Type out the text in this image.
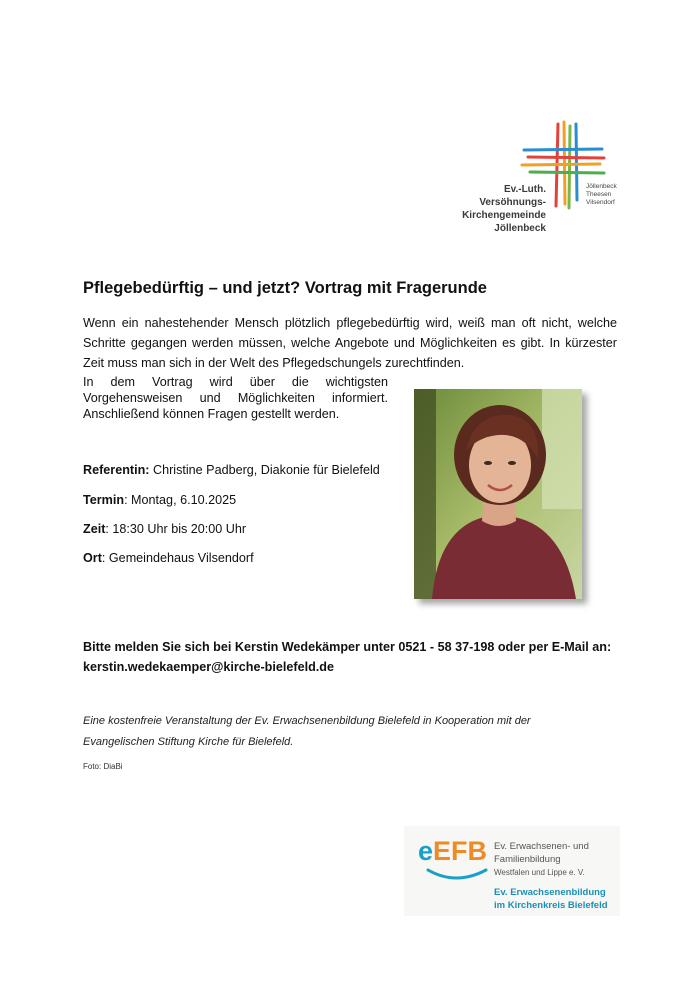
Ev.-Luth.
Versöhnungs-Kirchengemeinde
Jöllenbeck
Jöllenbeck
Theesen
Vilsendorf
Pflegebedürftig – und jetzt? Vortrag mit Fragerunde

Wenn ein nahestehender Mensch plötzlich pflegebedürftig wird, weiß man oft nicht, welche Schritte gegangen werden müssen, welche Angebote und Möglichkeiten es gibt. In kürzester Zeit muss man sich in der Welt des Pflegedschungels zurechtfinden.

In dem Vortrag wird über die wichtigsten Vorgehensweisen und Möglichkeiten informiert. Anschließend können Fragen gestellt werden.

Referentin: Christine Padberg, Diakonie für Bielefeld

Termin: Montag, 6.10.2025

Zeit: 18:30 Uhr bis 20:00 Uhr

Ort: Gemeindehaus Vilsendorf

Bitte melden Sie sich bei Kerstin Wedekämper unter 0521 - 58 37-198 oder per E-Mail an:

kerstin.wedekaemper@kirche-bielefeld.de

Eine kostenfreie Veranstaltung der Ev. Erwachsenenbildung Bielefeld in Kooperation mit der

Evangelischen Stiftung Kirche für Bielefeld.

Foto: DiaBi

eEFB Ev. Erwachsenen- und
Familienbildung
Westfalen und Lippe e. V.
Ev. Erwachsenenbildung
im Kirchenkreis Bielefeld
